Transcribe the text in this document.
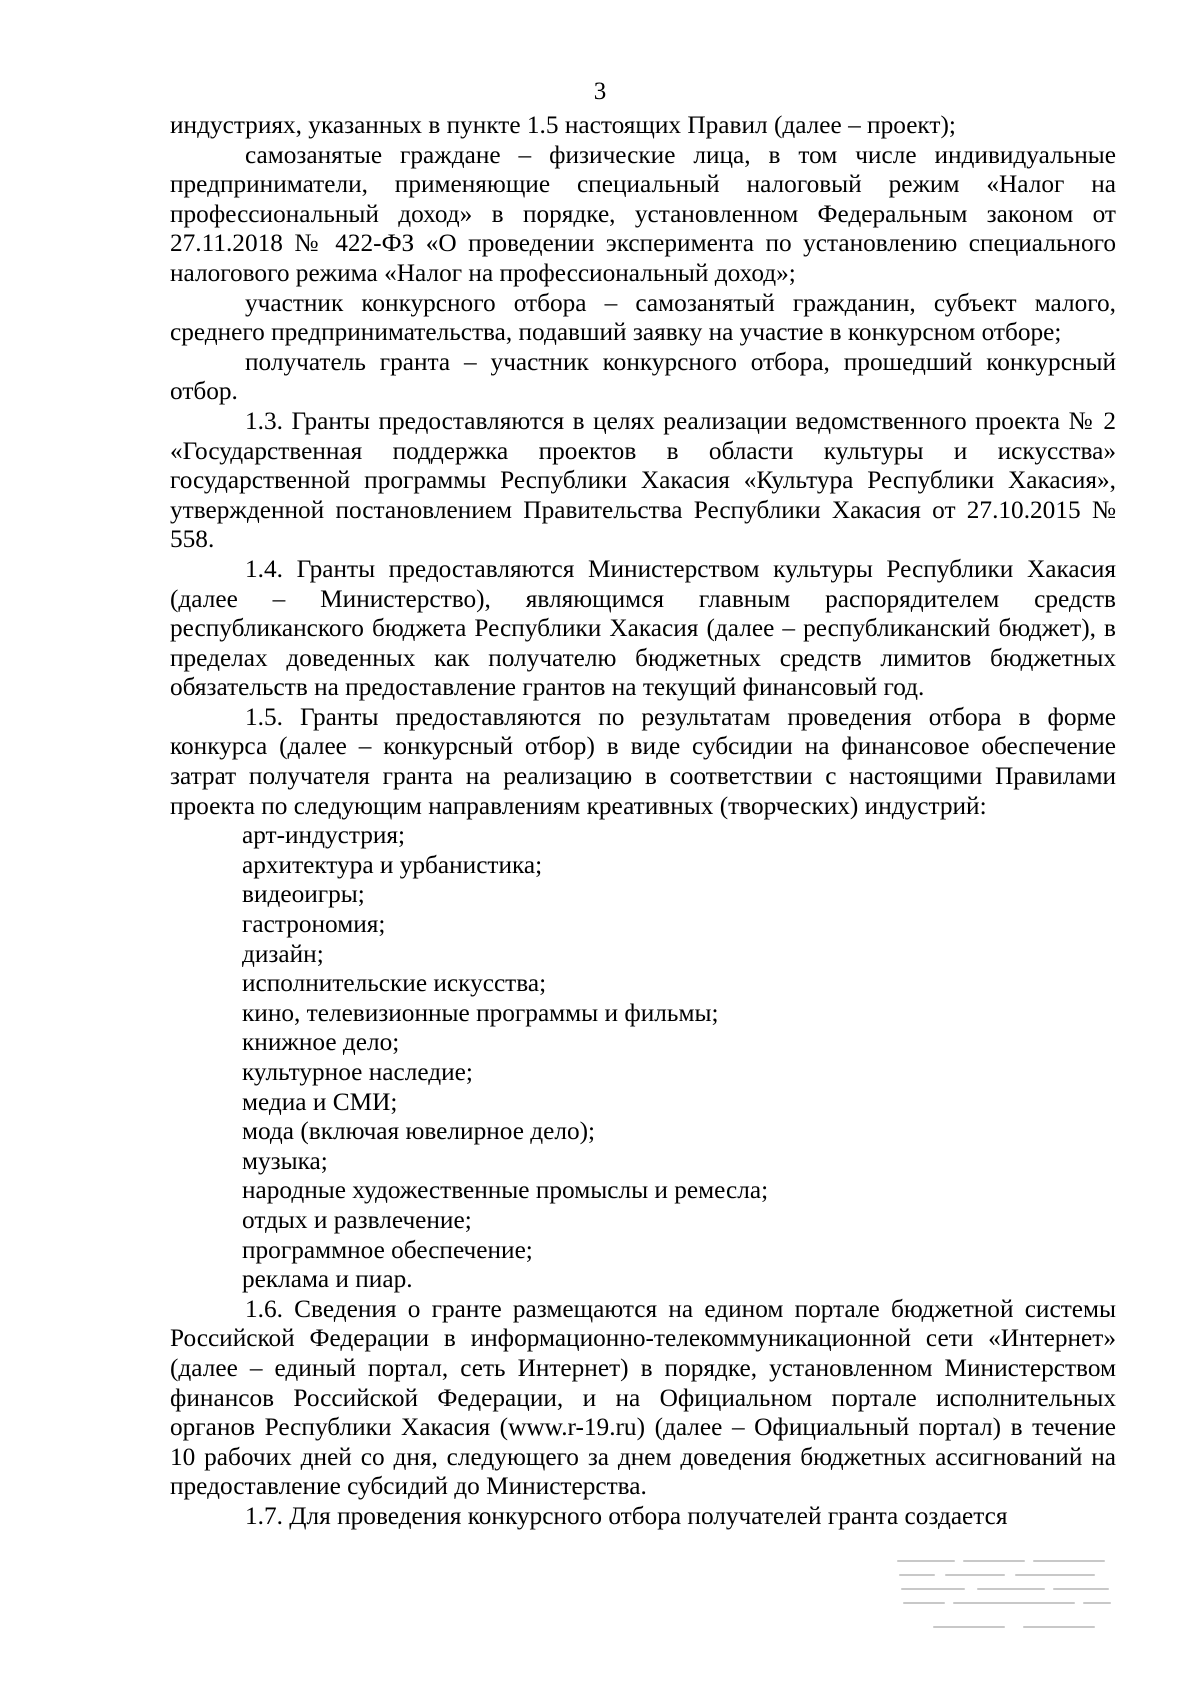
3

индустриях, указанных в пункте 1.5 настоящих Правил (далее – проект);

самозанятые граждане – физические лица, в том числе индивидуальные предприниматели, применяющие специальный налоговый режим «Налог на профессиональный доход» в порядке, установленном Федеральным законом от 27.11.2018 № 422-ФЗ «О проведении эксперимента по установлению специального налогового режима «Налог на профессиональный доход»;

участник конкурсного отбора – самозанятый гражданин, субъект малого, среднего предпринимательства, подавший заявку на участие в конкурсном отборе;

получатель гранта – участник конкурсного отбора, прошедший конкурсный отбор.

1.3. Гранты предоставляются в целях реализации ведомственного проекта № 2 «Государственная поддержка проектов в области культуры и искусства» государственной программы Республики Хакасия «Культура Республики Хакасия», утвержденной постановлением Правительства Республики Хакасия от 27.10.2015 № 558.

1.4. Гранты предоставляются Министерством культуры Республики Хакасия (далее – Министерство), являющимся главным распорядителем средств республиканского бюджета Республики Хакасия (далее – республиканский бюджет), в пределах доведенных как получателю бюджетных средств лимитов бюджетных обязательств на предоставление грантов на текущий финансовый год.

1.5. Гранты предоставляются по результатам проведения отбора в форме конкурса (далее – конкурсный отбор) в виде субсидии на финансовое обеспечение затрат получателя гранта на реализацию в соответствии с настоящими Правилами проекта по следующим направлениям креативных (творческих) индустрий:

арт-индустрия;
архитектура и урбанистика;
видеоигры;
гастрономия;
дизайн;
исполнительские искусства;
кино, телевизионные программы и фильмы;
книжное дело;
культурное наследие;
медиа и СМИ;
мода (включая ювелирное дело);
музыка;
народные художественные промыслы и ремесла;
отдых и развлечение;
программное обеспечение;
реклама и пиар.

1.6. Сведения о гранте размещаются на едином портале бюджетной системы Российской Федерации в информационно-телекоммуникационной сети «Интернет» (далее – единый портал, сеть Интернет) в порядке, установленном Министерством финансов Российской Федерации, и на Официальном портале исполнительных органов Республики Хакасия (www.r-19.ru) (далее – Официальный портал) в течение 10 рабочих дней со дня, следующего за днем доведения бюджетных ассигнований на предоставление субсидий до Министерства.

1.7. Для проведения конкурсного отбора получателей гранта создается
